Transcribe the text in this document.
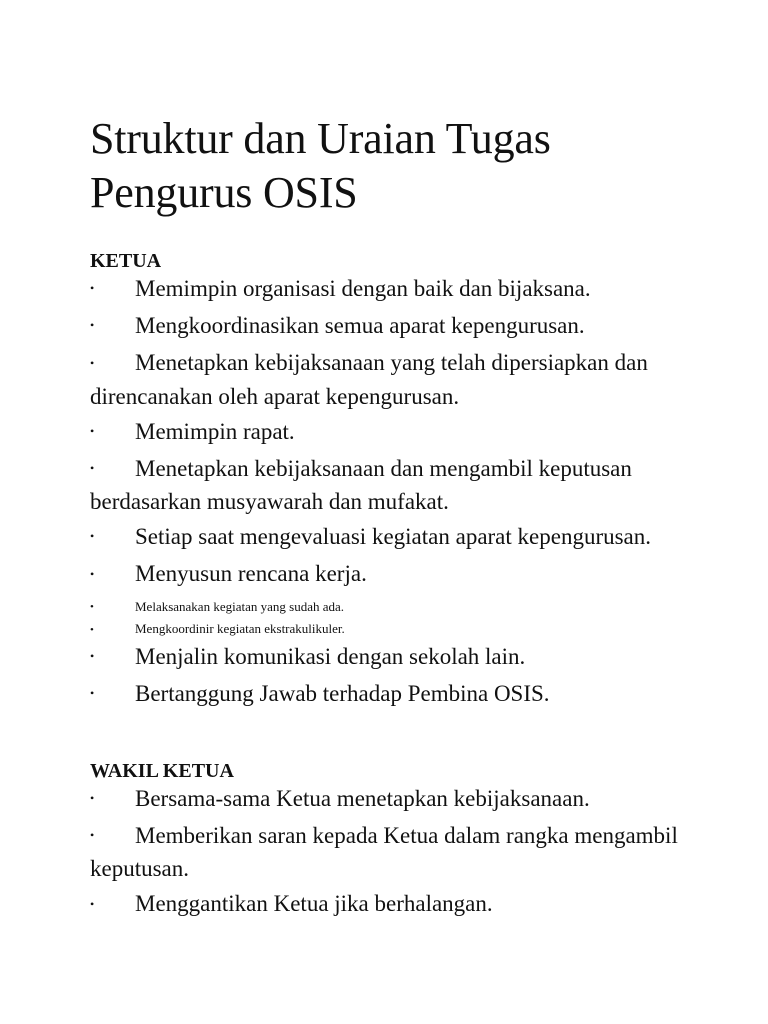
Struktur dan Uraian Tugas
Pengurus OSIS
KETUA
• Memimpin organisasi dengan baik dan bijaksana.
• Mengkoordinasikan semua aparat kepengurusan.
• Menetapkan kebijaksanaan yang telah dipersiapkan dan direncanakan oleh aparat kepengurusan.
• Memimpin rapat.
• Menetapkan kebijaksanaan dan mengambil keputusan berdasarkan musyawarah dan mufakat.
• Setiap saat mengevaluasi kegiatan aparat kepengurusan.
• Menyusun rencana kerja.
•	Melaksanakan kegiatan yang sudah ada.
•	Mengkoordinir kegiatan ekstrakulikuler.
• Menjalin komunikasi dengan sekolah lain.
• Bertanggung Jawab terhadap Pembina OSIS.
WAKIL KETUA
• Bersama-sama Ketua menetapkan kebijaksanaan.
• Memberikan saran kepada Ketua dalam rangka mengambil keputusan.
• Menggantikan Ketua jika berhalangan.
